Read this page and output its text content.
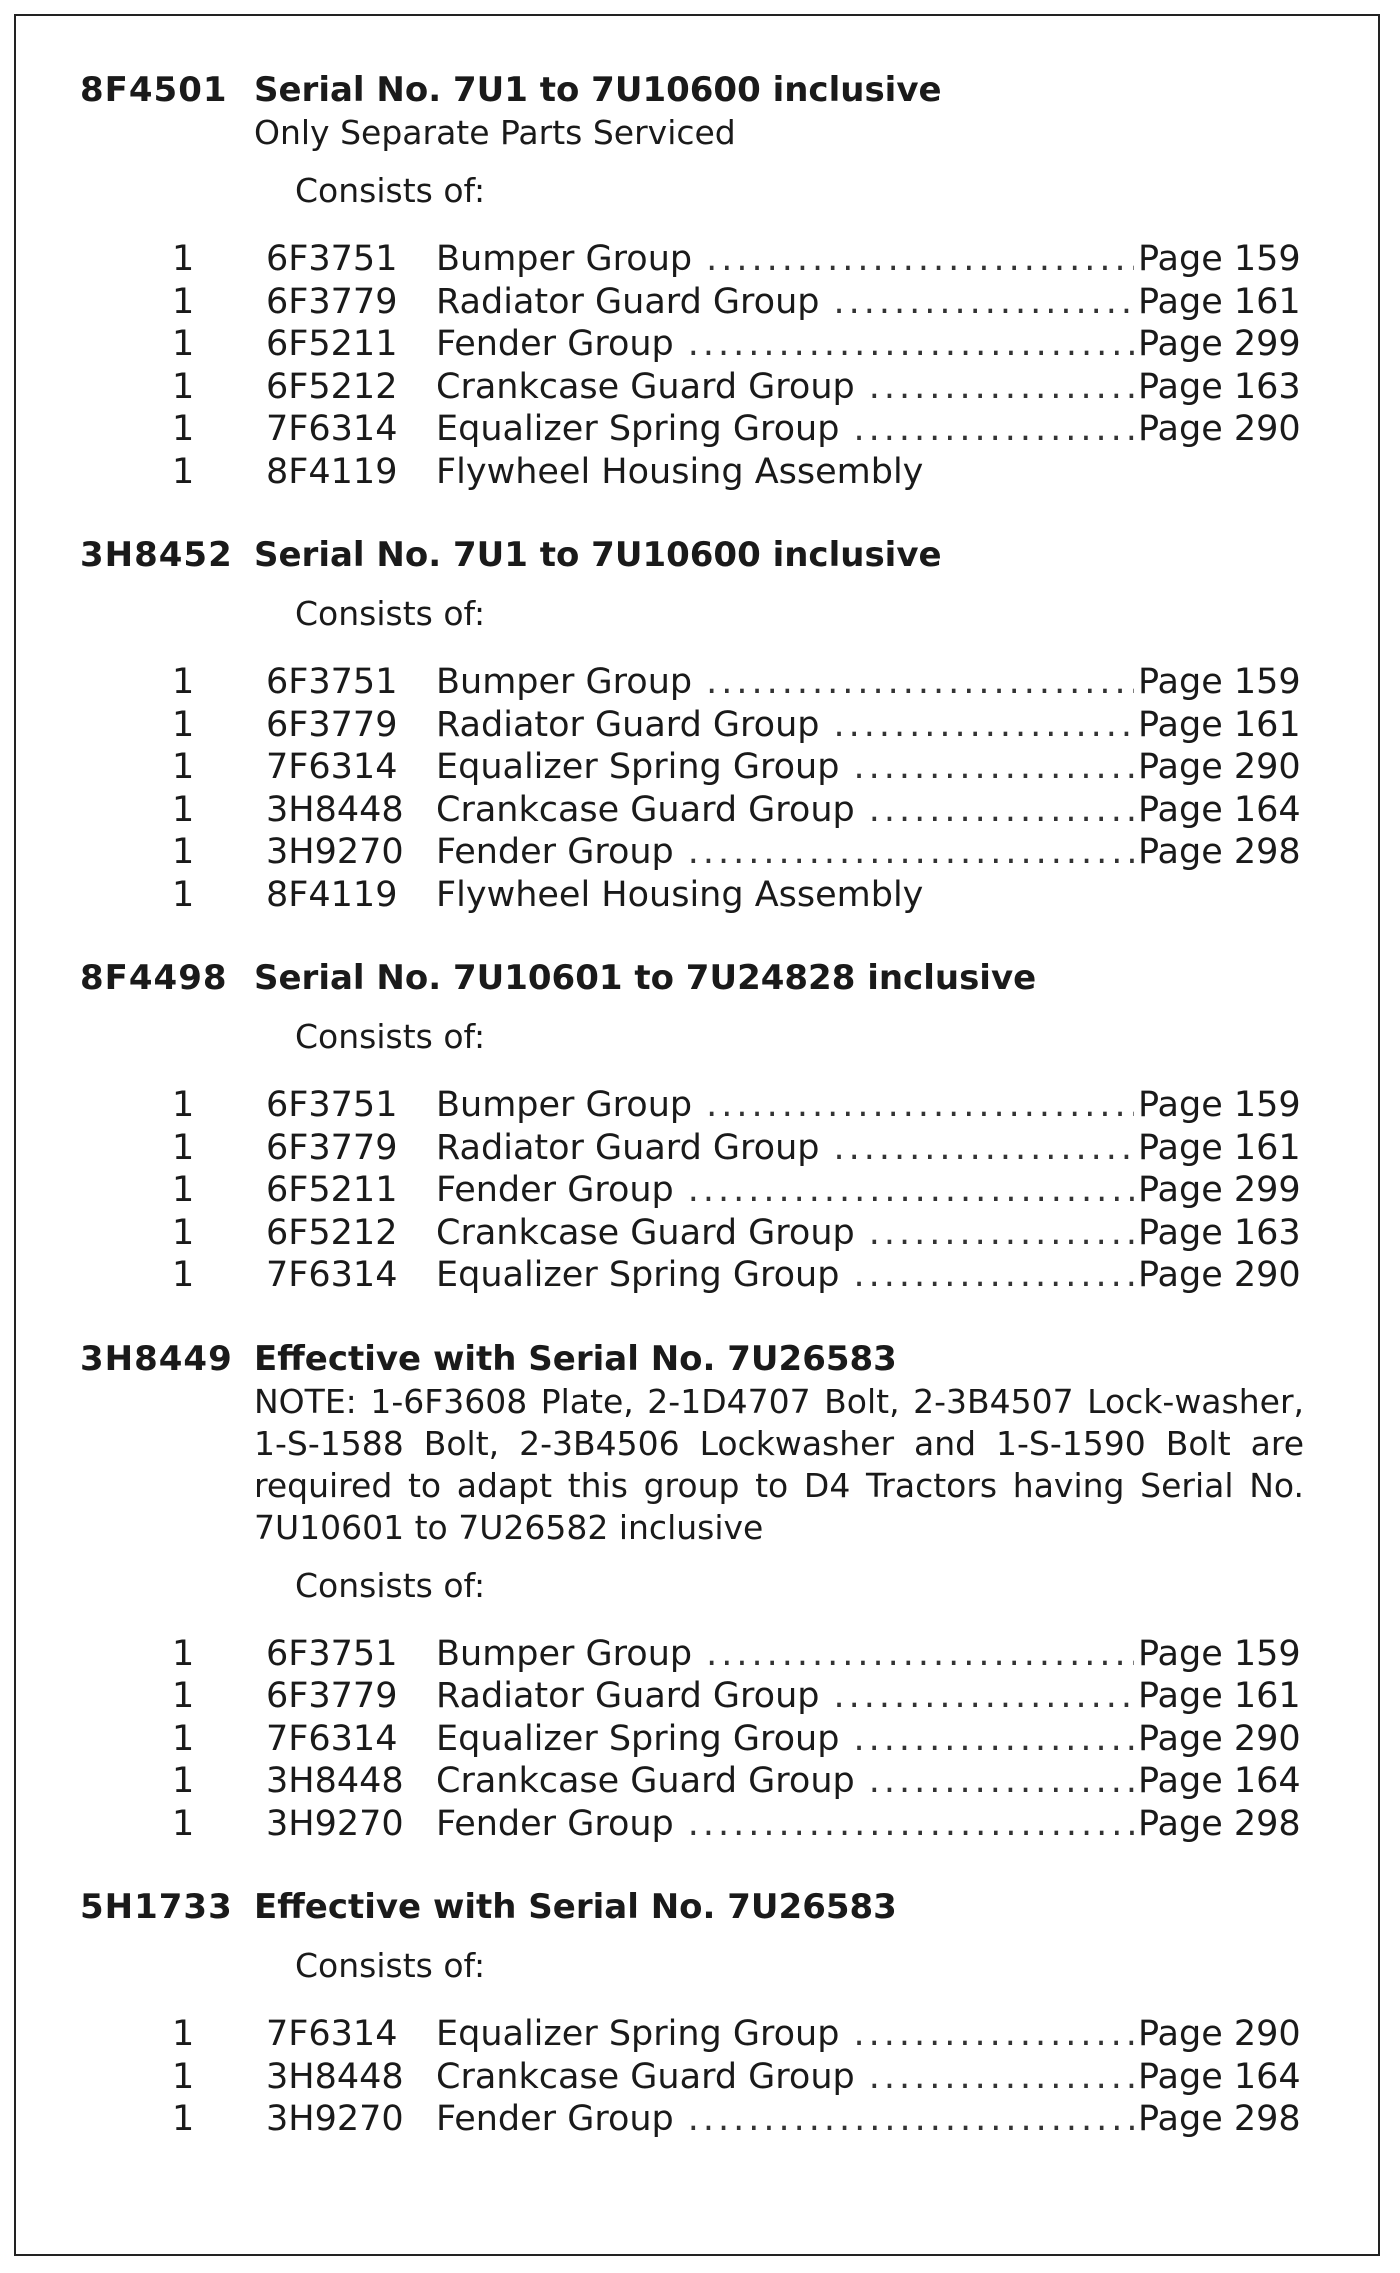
8F4501 Serial No. 7U1 to 7U10600 inclusive
Only Separate Parts Serviced
Consists of:
1	6F3751	Bumper Group .....	Page 159
1	6F3779	Radiator Guard Group .....	Page 161
1	6F5211	Fender Group .....	Page 299
1	6F5212	Crankcase Guard Group .....	Page 163
1	7F6314	Equalizer Spring Group .....	Page 290
1	8F4119	Flywheel Housing Assembly
3H8452 Serial No. 7U1 to 7U10600 inclusive
Consists of:
1	6F3751	Bumper Group .....	Page 159
1	6F3779	Radiator Guard Group .....	Page 161
1	7F6314	Equalizer Spring Group .....	Page 290
1	3H8448 Crankcase Guard Group .....	Page 164
1	3H9270 Fender Group .....	Page 298
1	8F4119	Flywheel Housing Assembly
8F4498 Serial No. 7U10601 to 7U24828 inclusive
Consists of:
1	6F3751	Bumper Group .....	Page 159
1	6F3779	Radiator Guard Group .....	Page 161
1	6F5211	Fender Group .....	Page 299
1	6F5212	Crankcase Guard Group .....	Page 163
1	7F6314	Equalizer Spring Group .....	Page 290
3H8449 Effective with Serial No. 7U26583
NOTE: 1-6F3608 Plate, 2-1D4707 Bolt, 2-3B4507 Lock-washer, 1-S-1588 Bolt, 2-3B4506 Lockwasher and 1-S-1590 Bolt are required to adapt this group to D4 Tractors having Serial No. 7U10601 to 7U26582 inclusive
Consists of:
1	6F3751	Bumper Group .....	Page 159
1	6F3779	Radiator Guard Group .....	Page 161
1	7F6314	Equalizer Spring Group .....	Page 290
1	3H8448 Crankcase Guard Group .....	Page 164
1	3H9270 Fender Group .....	Page 298
5H1733 Effective with Serial No. 7U26583
Consists of:
1	7F6314	Equalizer Spring Group .....	Page 290
1	3H8448 Crankcase Guard Group .....	Page 164
1	3H9270 Fender Group .....	Page 298
